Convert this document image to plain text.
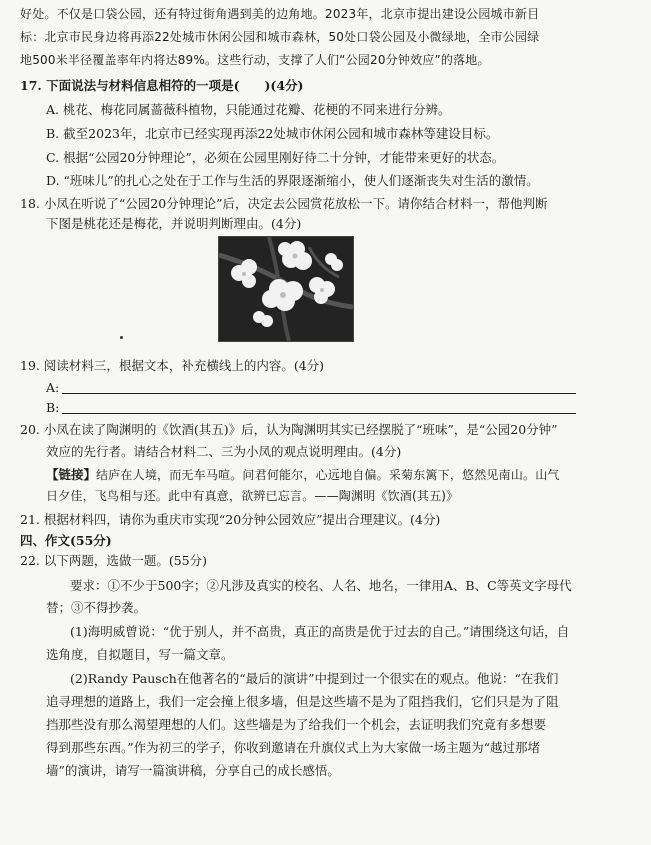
好处。不仅是口袋公园，还有特过街角遇到美的边角地。2023年，北京市提出建设公园城市新目
标：北京市民身边将再添22处城市休闲公园和城市森林，50处口袋公园及小微绿地，全市公园绿
地500米半径覆盖率年内将达89%。这些行动，支撑了人们“公园20分钟效应”的落地。
17. 下面说法与材料信息相符的一项是(　　)(4分)
A. 桃花、梅花同属蔷薇科植物，只能通过花瓣、花梗的不同来进行分辨。
B. 截至2023年，北京市已经实现再添22处城市休闲公园和城市森林等建设目标。
C. 根据“公园20分钟理论”，必须在公园里刚好待二十分钟，才能带来更好的状态。
D. “班味儿”的扎心之处在于工作与生活的界限逐渐缩小，使人们逐渐丧失对生活的激情。
18. 小凤在听说了“公园20分钟理论”后，决定去公园赏花放松一下。请你结合材料一，帮他判断
下图是桃花还是梅花，并说明判断理由。(4分)
19. 阅读材料三，根据文本，补充横线上的内容。(4分)
A:
B:
20. 小凤在读了陶渊明的《饮酒(其五)》后，认为陶渊明其实已经摆脱了“班味”，是“公园20分钟”
效应的先行者。请结合材料二、三为小凤的观点说明理由。(4分)
【链接】结庐在人境，而无车马喧。问君何能尔，心远地自偏。采菊东篱下，悠然见南山。山气
日夕佳，飞鸟相与还。此中有真意，欲辨已忘言。——陶渊明《饮酒(其五)》
21. 根据材料四，请你为重庆市实现“20分钟公园效应”提出合理建议。(4分)
四、作文(55分)
22. 以下两题，选做一题。(55分)
要求：①不少于500字；②凡涉及真实的校名、人名、地名，一律用A、B、C等英文字母代
替；③不得抄袭。
(1)海明威曾说：“优于别人，并不高贵，真正的高贵是优于过去的自己。”请围绕这句话，自
选角度，自拟题目，写一篇文章。
(2)Randy Pausch在他著名的“最后的演讲”中提到过一个很实在的观点。他说：“在我们
追寻理想的道路上，我们一定会撞上很多墙，但是这些墙不是为了阻挡我们，它们只是为了阻
挡那些没有那么渴望理想的人们。这些墙是为了给我们一个机会，去证明我们究竟有多想要
得到那些东西。”作为初三的学子，你收到邀请在升旗仪式上为大家做一场主题为“越过那堵
墙”的演讲，请写一篇演讲稿，分享自己的成长感悟。
